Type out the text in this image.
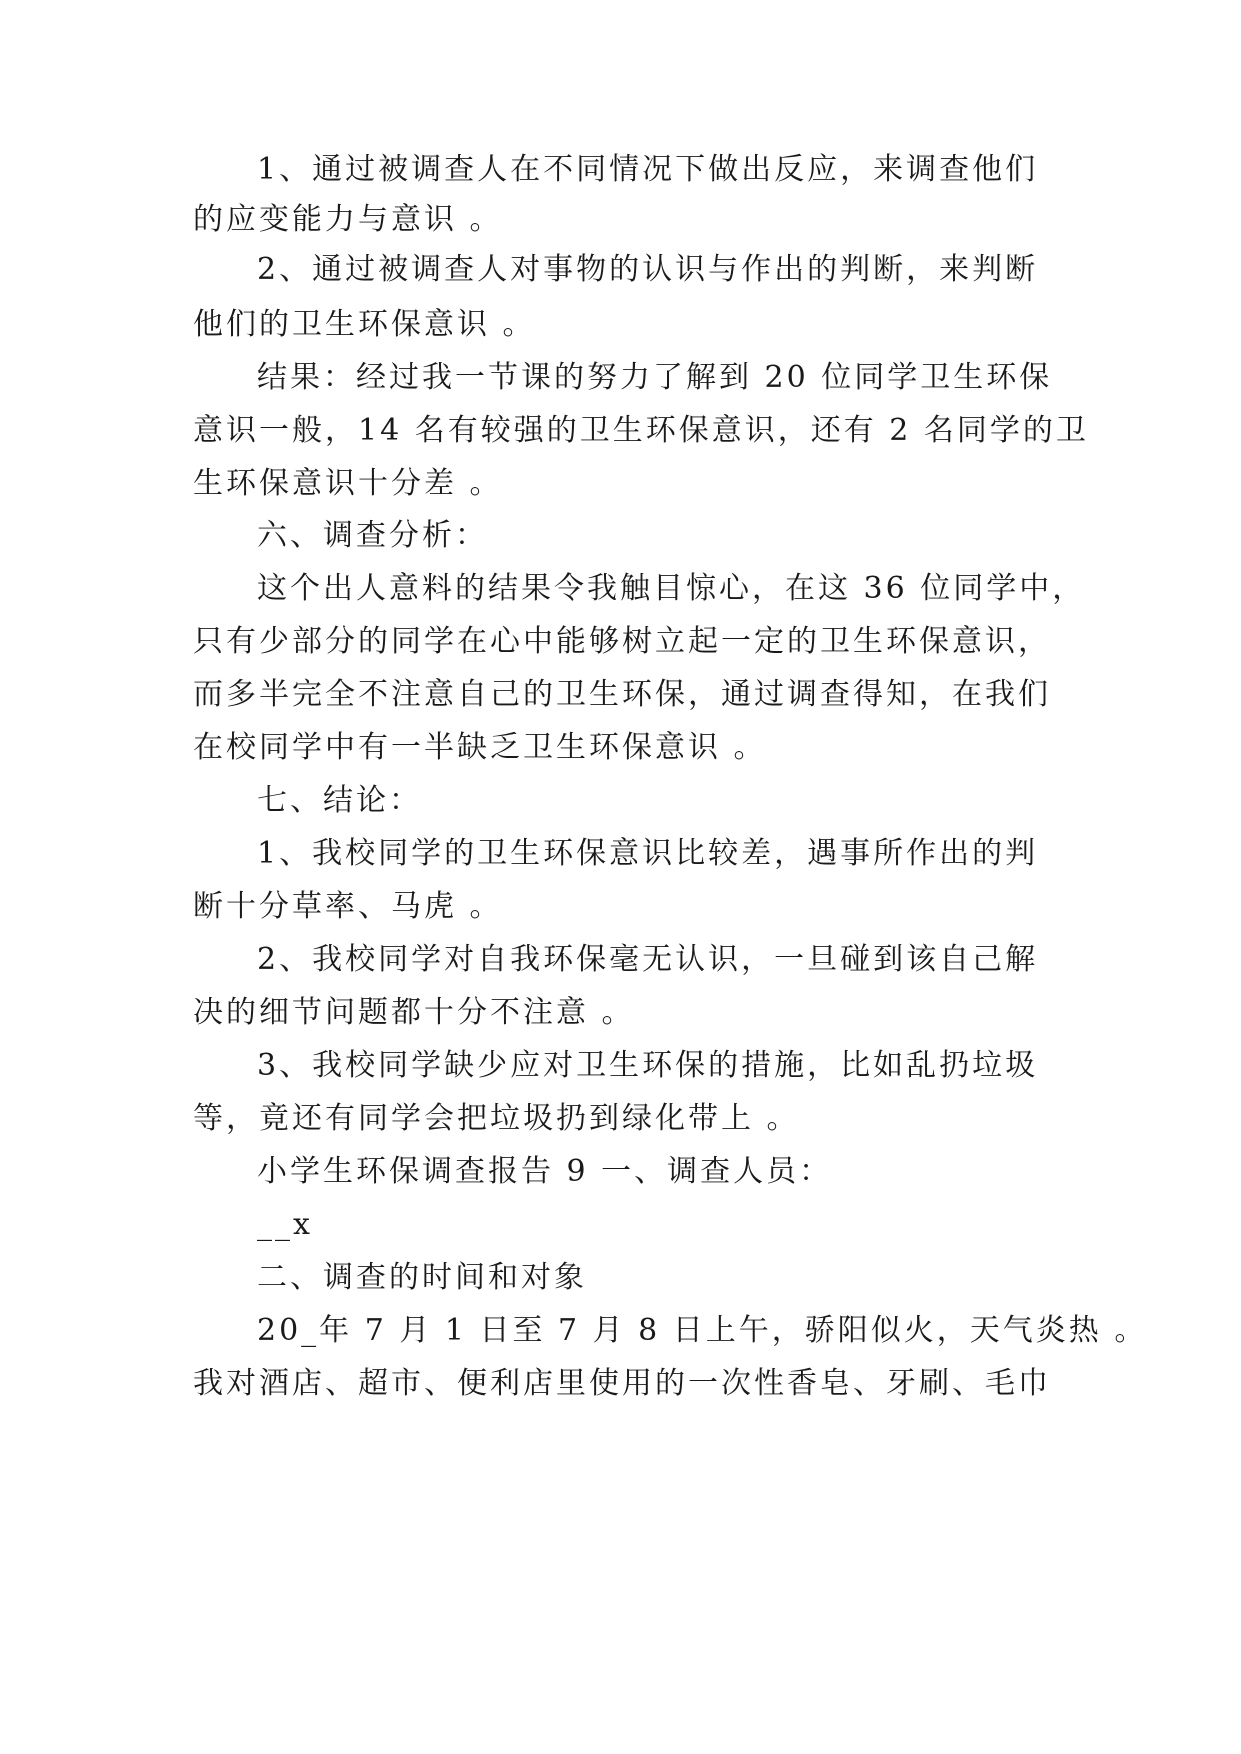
1、通过被调查人在不同情况下做出反应，来调查他们
的应变能力与意识 。
2、通过被调查人对事物的认识与作出的判断，来判断
他们的卫生环保意识 。
结果：经过我一节课的努力了解到 20 位同学卫生环保
意识一般，14 名有较强的卫生环保意识，还有 2 名同学的卫
生环保意识十分差 。
六、调查分析：
这个出人意料的结果令我触目惊心，在这 36 位同学中，
只有少部分的同学在心中能够树立起一定的卫生环保意识，
而多半完全不注意自己的卫生环保，通过调查得知，在我们
在校同学中有一半缺乏卫生环保意识 。
七、结论：
1、我校同学的卫生环保意识比较差，遇事所作出的判
断十分草率、马虎 。
2、我校同学对自我环保毫无认识，一旦碰到该自己解
决的细节问题都十分不注意 。
3、我校同学缺少应对卫生环保的措施，比如乱扔垃圾
等，竟还有同学会把垃圾扔到绿化带上 。
小学生环保调查报告 9 一、调查人员：
__x
二、调查的时间和对象
20_年 7 月 1 日至 7 月 8 日上午，骄阳似火，天气炎热 。
我对酒店、超市、便利店里使用的一次性香皂、牙刷、毛巾
